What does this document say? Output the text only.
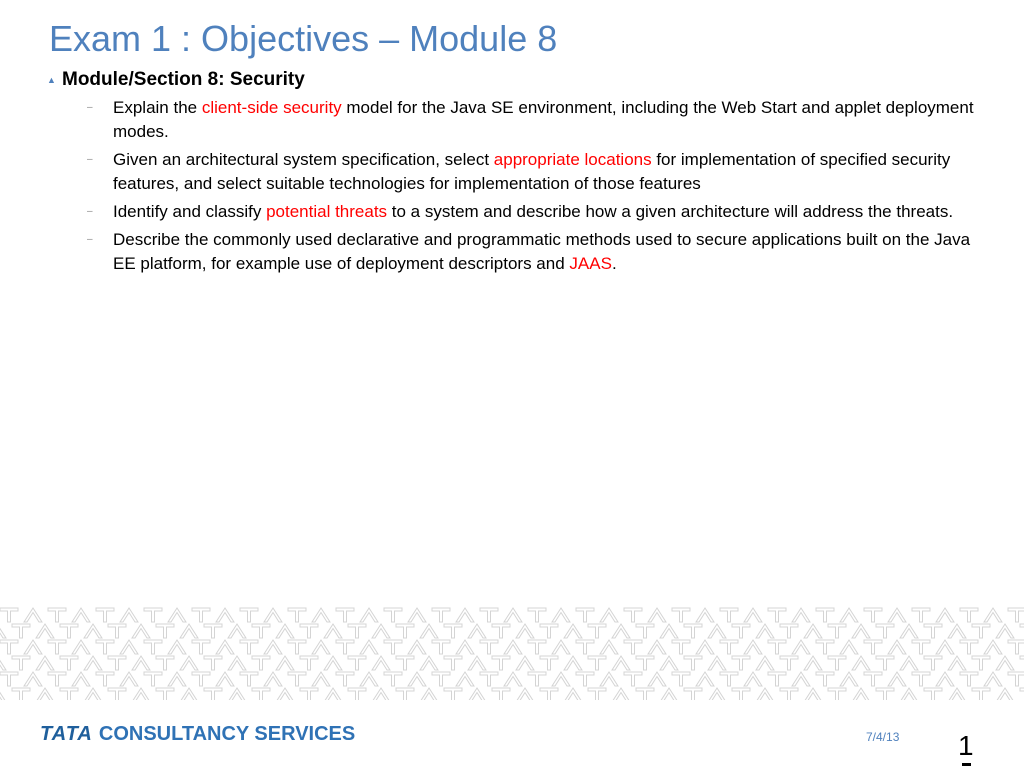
Exam 1 : Objectives – Module 8
▲ Module/Section 8: Security
– Explain the client-side security model for the Java SE environment, including the Web Start and applet deployment modes.
– Given an architectural system specification, select appropriate locations for implementation of specified security features, and select suitable technologies for implementation of those features
– Identify and classify potential threats to a system and describe how a given architecture will address the threats.
– Describe the commonly used declarative and programmatic methods used to secure applications built on the Java EE platform, for example use of deployment descriptors and JAAS.
TATA CONSULTANCY SERVICES	7/4/13 1
